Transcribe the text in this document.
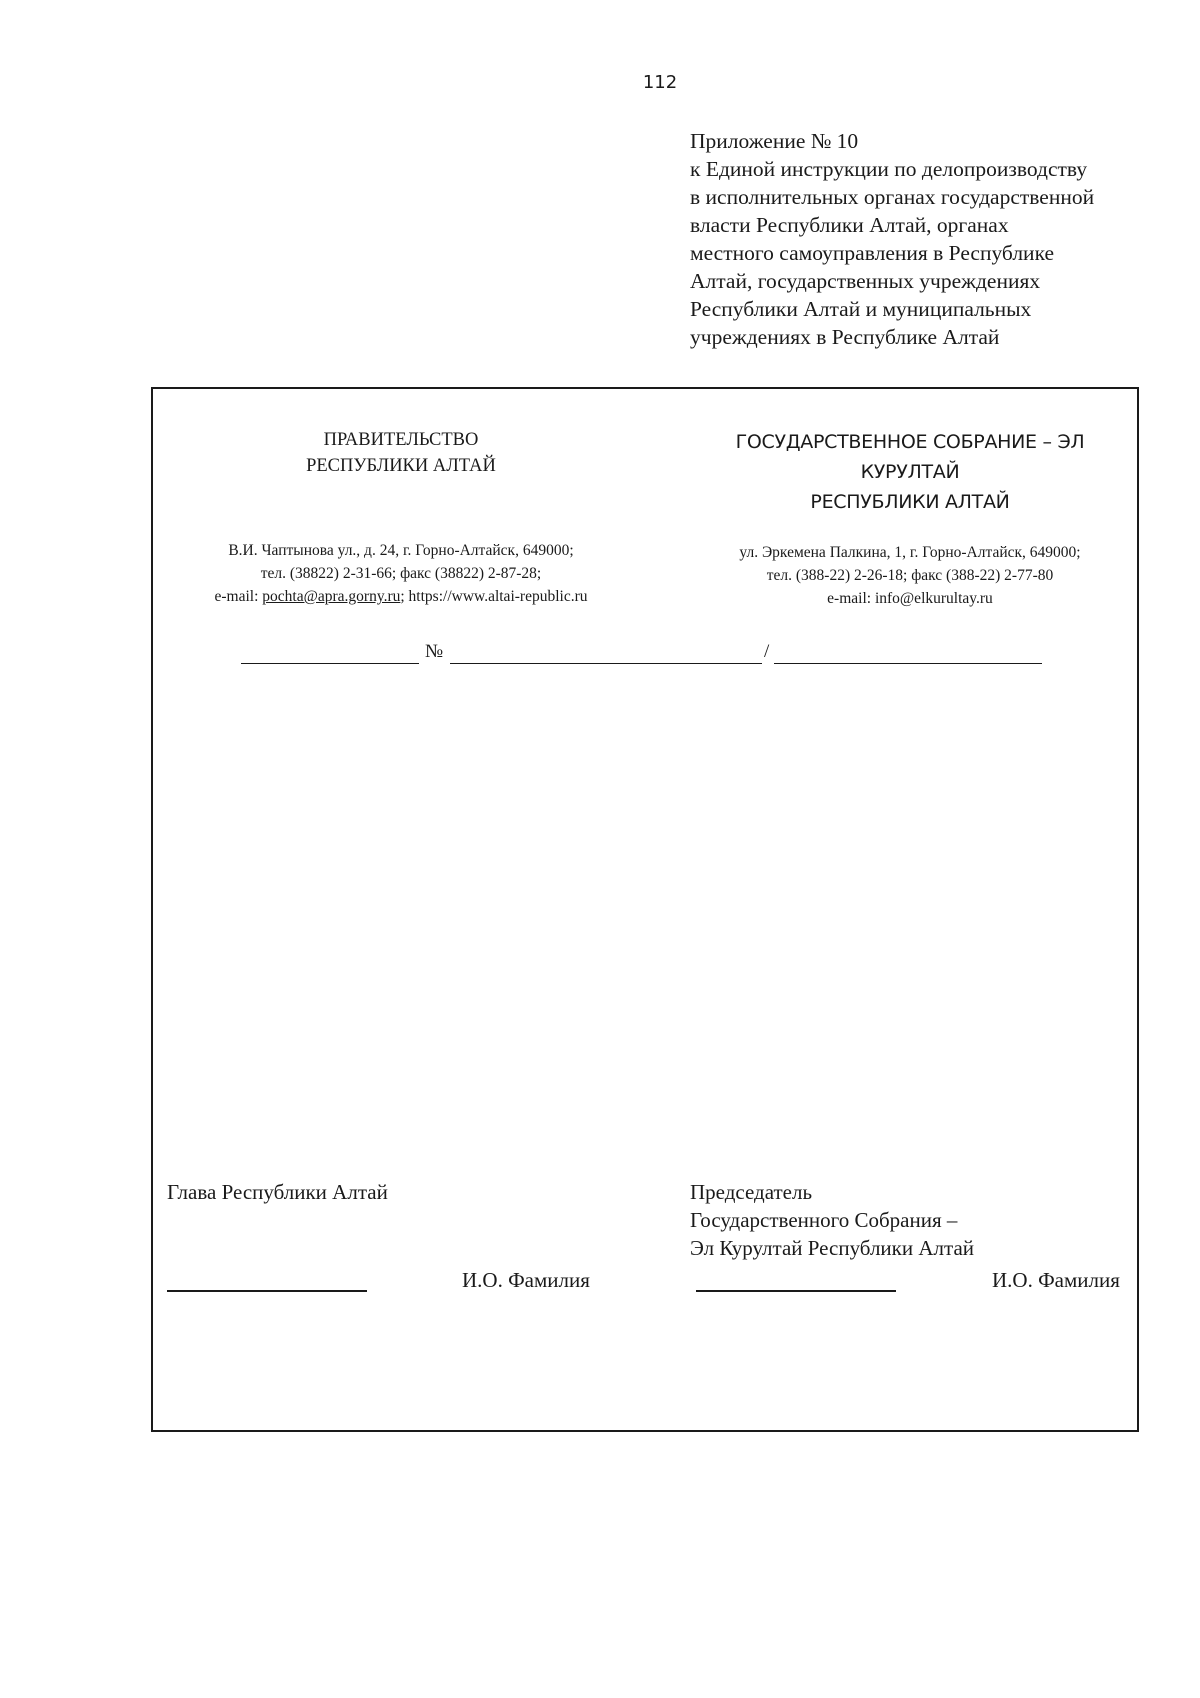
112
Приложение № 10
к Единой инструкции по делопроизводству
в исполнительных органах государственной
власти Республики Алтай, органах
местного самоуправления в Республике
Алтай, государственных учреждениях
Республики Алтай и муниципальных
учреждениях в Республике Алтай
ПРАВИТЕЛЬСТВО
РЕСПУБЛИКИ АЛТАЙ
ГОСУДАРСТВЕННОЕ СОБРАНИЕ – ЭЛ
КУРУЛТАЙ
РЕСПУБЛИКИ АЛТАЙ
В.И. Чаптынова ул., д. 24, г. Горно-Алтайск, 649000;
тел. (38822) 2-31-66; факс (38822) 2-87-28;
e-mail: pochta@apra.gorny.ru; https://www.altai-republic.ru
ул. Эркемена Палкина, 1, г. Горно-Алтайск, 649000;
тел. (388-22) 2-26-18; факс (388-22) 2-77-80
e-mail: info@elkurultay.ru
№	/
Глава Республики Алтай	Председатель
Государственного Собрания –
Эл Курултай Республики Алтай
И.О. Фамилия	И.О. Фамилия
